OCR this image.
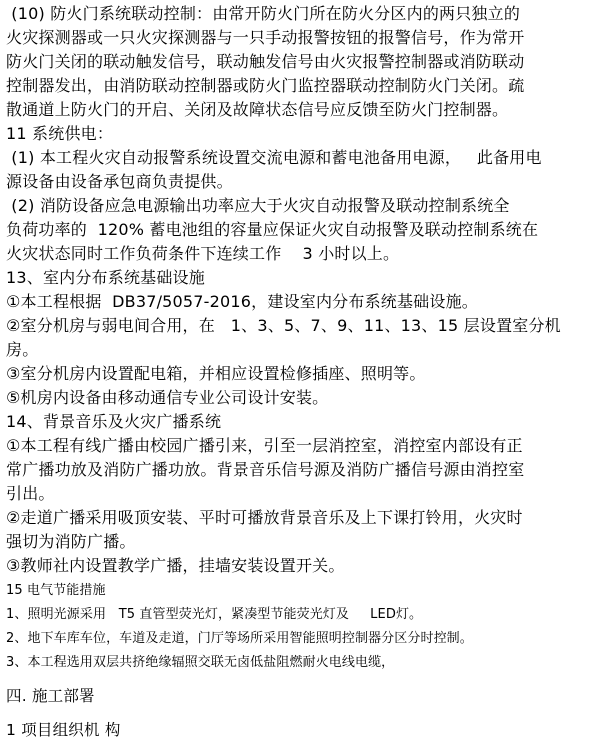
(10) 防火门系统联动控制：由常开防火门所在防火分区内的两只独立的
火灾探测器或一只火灾探测器与一只手动报警按钮的报警信号，作为常开
防火门关闭的联动触发信号，联动触发信号由火灾报警控制器或消防联动
控制器发出，由消防联动控制器或防火门监控器联动控制防火门关闭。疏
散通道上防火门的开启、关闭及故障状态信号应反馈至防火门控制器。
11 系统供电：
(1) 本工程火灾自动报警系统设置交流电源和蓄电池备用电源，   此备用电
源设备由设备承包商负责提供。
(2) 消防设备应急电源输出功率应大于火灾自动报警及联动控制系统全
负荷功率的  120% 蓄电池组的容量应保证火灾自动报警及联动控制系统在
火灾状态同时工作负荷条件下连续工作    3 小时以上。
13、室内分布系统基础设施
①本工程根据  DB37/5057-2016，建设室内分布系统基础设施。
②室分机房与弱电间合用，在   1、3、5、7、9、11、13、15 层设置室分机
房。
③室分机房内设置配电箱，并相应设置检修插座、照明等。
⑤机房内设备由移动通信专业公司设计安装。
14、背景音乐及火灾广播系统
①本工程有线广播由校园广播引来，引至一层消控室，消控室内部设有正
常广播功放及消防广播功放。背景音乐信号源及消防广播信号源由消控室
引出。
②走道广播采用吸顶安装、平时可播放背景音乐及上下课打铃用，火灾时
强切为消防广播。
③教师社内设置教学广播，挂墙安装设置开关。
15 电气节能措施
1、照明光源采用   T5 直管型荧光灯，紧凑型节能荧光灯及     LED灯。
2、地下车库车位，车道及走道，门厅等场所采用智能照明控制器分区分时控制。
3、本工程选用双层共挤绝缘辐照交联无卤低盐阻燃耐火电线电缆，
四. 施工部署
1 项目组织机 构
